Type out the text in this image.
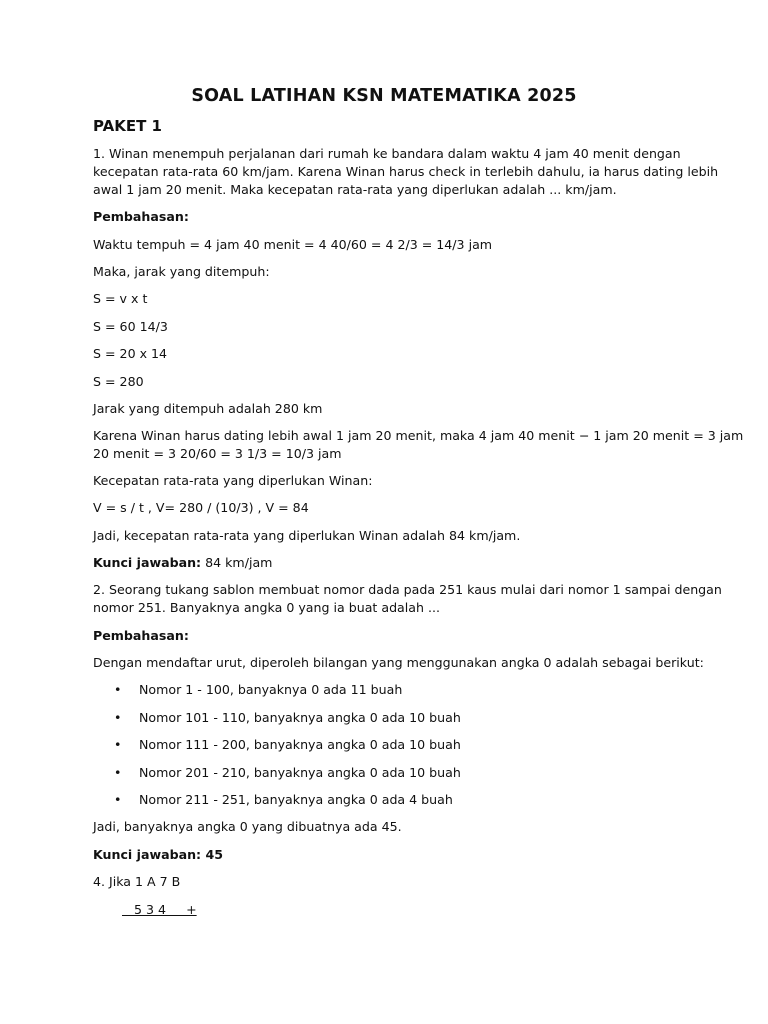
SOAL LATIHAN KSN MATEMATIKA 2025
PAKET 1

1. Winan menempuh perjalanan dari rumah ke bandara dalam waktu 4 jam 40 menit dengan

kecepatan rata-rata 60 km/jam. Karena Winan harus check in terlebih dahulu, ia harus dating lebih

awal 1 jam 20 menit. Maka kecepatan rata-rata yang diperlukan adalah ... km/jam.

Pembahasan:

Waktu tempuh = 4 jam 40 menit = 4 40/60 = 4 2/3 = 14/3 jam

Maka, jarak yang ditempuh:

S = v x t

S = 60 14/3

S = 20 x 14

S = 280

Jarak yang ditempuh adalah 280 km

Karena Winan harus dating lebih awal 1 jam 20 menit, maka 4 jam 40 menit − 1 jam 20 menit = 3 jam

20 menit = 3 20/60 = 3 1/3 = 10/3 jam

Kecepatan rata-rata yang diperlukan Winan:

V = s / t , V= 280 / (10/3) , V = 84

Jadi, kecepatan rata-rata yang diperlukan Winan adalah 84 km/jam.

Kunci jawaban: 84 km/jam

2. Seorang tukang sablon membuat nomor dada pada 251 kaus mulai dari nomor 1 sampai dengan

nomor 251. Banyaknya angka 0 yang ia buat adalah ...

Pembahasan:

Dengan mendaftar urut, diperoleh bilangan yang menggunakan angka 0 adalah sebagai berikut:

• Nomor 1 - 100, banyaknya 0 ada 11 buah

• Nomor 101 - 110, banyaknya angka 0 ada 10 buah

• Nomor 111 - 200, banyaknya angka 0 ada 10 buah

• Nomor 201 - 210, banyaknya angka 0 ada 10 buah

• Nomor 211 - 251, banyaknya angka 0 ada 4 buah

Jadi, banyaknya angka 0 yang dibuatnya ada 45.

Kunci jawaban: 45

4. Jika 1 A 7 B

5 3 4     +
